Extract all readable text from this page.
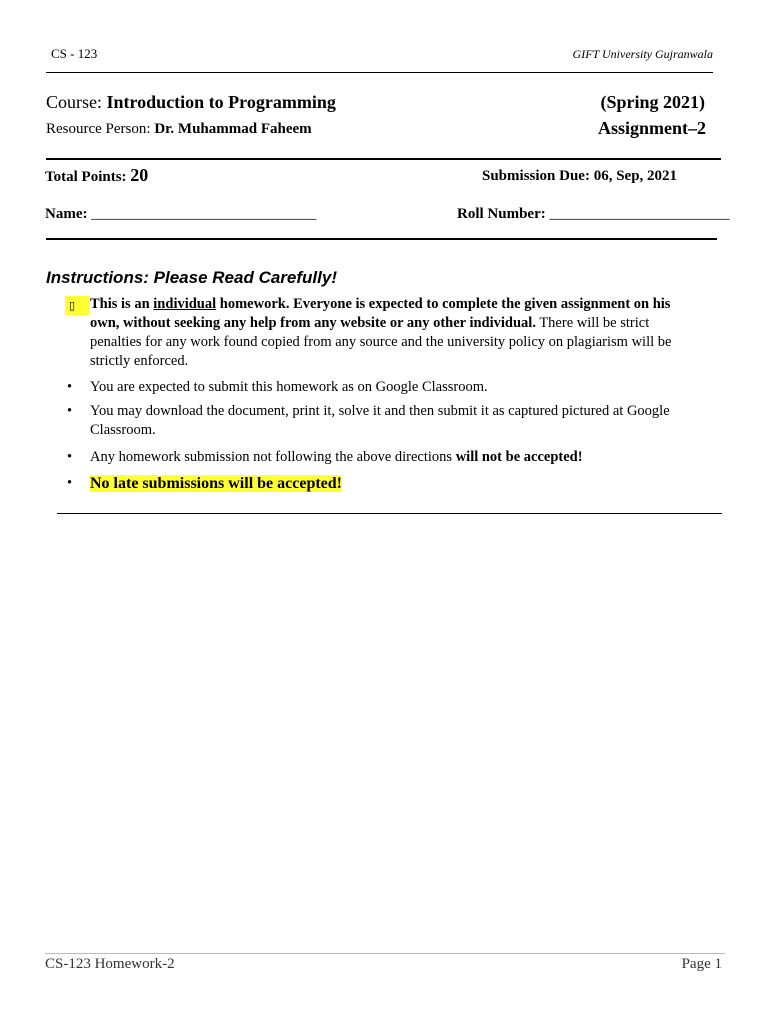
CS - 123	GIFT University Gujranwala
Course: Introduction to Programming	(Spring 2021)
Resource Person: Dr. Muhammad Faheem	Assignment–2
Total Points: 20	Submission Due: 06, Sep, 2021
Name: ______________________________	Roll Number: ________________________
Instructions: Please Read Carefully!
▯	This is an individual homework. Everyone is expected to complete the given assignment on his own, without seeking any help from any website or any other individual. There will be strict penalties for any work found copied from any source and the university policy on plagiarism will be strictly enforced.
•	You are expected to submit this homework as on Google Classroom.
•	You may download the document, print it, solve it and then submit it as captured pictured at Google Classroom.
•	Any homework submission not following the above directions will not be accepted!
•	No late submissions will be accepted!
CS-123 Homework-2	Page 1
